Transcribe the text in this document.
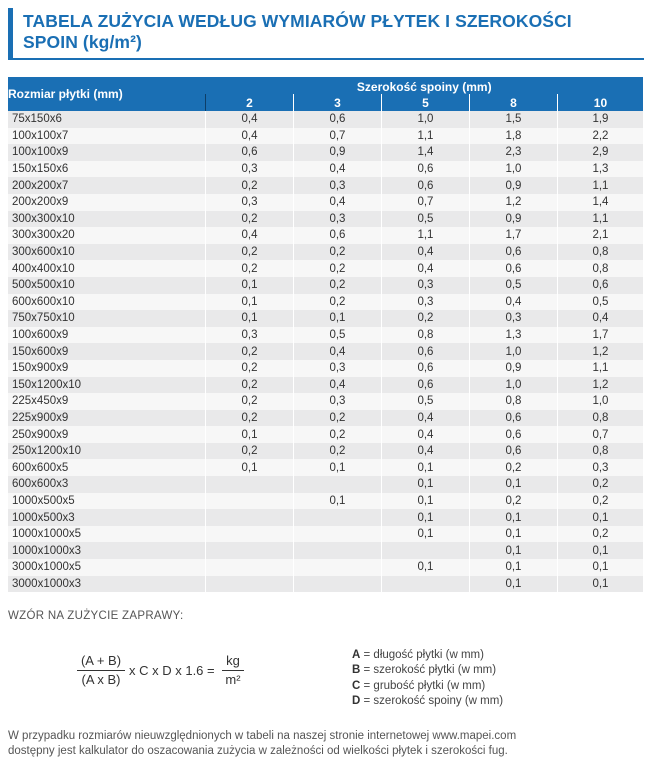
TABELA ZUŻYCIA WEDŁUG WYMIARÓW PŁYTEK I SZEROKOŚCI
SPOIN (kg/m²)
Rozmiar płytki (mm)	Szerokość spoiny (mm)				
	2	3	5	8	10
75x150x6	0,4	0,6	1,0	1,5	1,9
100x100x7	0,4	0,7	1,1	1,8	2,2
100x100x9	0,6	0,9	1,4	2,3	2,9
150x150x6	0,3	0,4	0,6	1,0	1,3
200x200x7	0,2	0,3	0,6	0,9	1,1
200x200x9	0,3	0,4	0,7	1,2	1,4
300x300x10	0,2	0,3	0,5	0,9	1,1
300x300x20	0,4	0,6	1,1	1,7	2,1
300x600x10	0,2	0,2	0,4	0,6	0,8
400x400x10	0,2	0,2	0,4	0,6	0,8
500x500x10	0,1	0,2	0,3	0,5	0,6
600x600x10	0,1	0,2	0,3	0,4	0,5
750x750x10	0,1	0,1	0,2	0,3	0,4
100x600x9	0,3	0,5	0,8	1,3	1,7
150x600x9	0,2	0,4	0,6	1,0	1,2
150x900x9	0,2	0,3	0,6	0,9	1,1
150x1200x10	0,2	0,4	0,6	1,0	1,2
225x450x9	0,2	0,3	0,5	0,8	1,0
225x900x9	0,2	0,2	0,4	0,6	0,8
250x900x9	0,1	0,2	0,4	0,6	0,7
250x1200x10	0,2	0,2	0,4	0,6	0,8
600x600x5	0,1	0,1	0,1	0,2	0,3
600x600x3			0,1	0,1	0,2
1000x500x5		0,1	0,1	0,2	0,2
1000x500x3			0,1	0,1	0,1
1000x1000x5			0,1	0,1	0,2
1000x1000x3				0,1	0,1
3000x1000x5			0,1	0,1	0,1
3000x1000x3				0,1	0,1
WZÓR NA ZUŻYCIE ZAPRAWY:
$\frac{(A + B)}{\text{(A x B)}}$ x C x D x $1.6 = \frac{kg}{\text{m²}}$	A = długość płytki (w mm)
B = szerokość płytki (w mm)
C = grubość płytki (w mm)
D = szerokość spoiny (w mm)
W przypadku rozmiarów nieuwzględnionych w tabeli na naszej stronie internetowej www.mapei.com
dostępny jest kalkulator do oszacowania zużycia w zależności od wielkości płytek i szerokości fug.
